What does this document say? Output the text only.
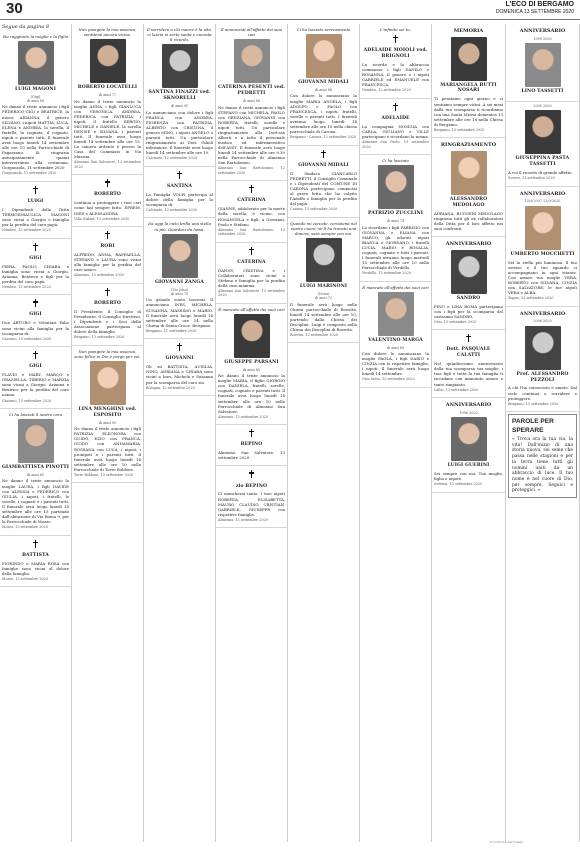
30	L'ECO DI BERGAMO
DOMENICA 13 SETTEMBRE 2020
Segue da pagina 8

Ha raggiunto la moglie e la figlia

LUIGI MAGONI
(Gigi)
di anni 89

Ne danno il triste annuncio i figli FEDERICO-GIGI e BEATRICE, la nuora ARIANNA, il genero SILVANO, i nipoti MATTIA, LUCA, ELENA e ANDREA, la sorella, il fratello, la cognata, il cognato, nipoti e parenti tutti. Il funerale avrà luogo lunedì 14 settembre alle ore 10 nella Parrocchiale di Pagazzano. Si ringrazia anticipatamente quanti interverranno alla cerimonia. Gorgonzola, 11 settembre 2020

Gorgonzola, 11 settembre 2020

LUIGI

I Dipendenti della Ditta TERMOIDRAULICA MAGONI sono vicini a Giorgio e famiglia per la perdita del caro papà.

Nembro, 13 settembre 2020

GIGI

PIERA, PAOLO, CHIARA e famiglia sono vicini a Giorgio, Arianna, Beatrice e figli per la perdita del caro papà.

Nembro, 13 settembre 2020

GIGI

Don ARTURO e Volontari Palio sono vicini alla famiglia per la scomparsa di.

Gavarno, 13 settembre 2020

GIGI

FLAVIO e MARY, MARCO e GRAZIELLA, TIBERIO e MARZIA sono vicini a Giorgio, Arianna e Beatrice per la perdita del caro nonno.

Gavarno, 13 settembre 2020

Ci ha lasciati il nostro caro

GIAMBATTISTA PINOTTI
di anni 65

Ne danno il triste annuncio la moglie LAURA, i figli DAVIDE con ALESSIA e FEDERICO con GIULIA, i nipoti, i fratelli, le sorelle, i cognati e i parenti tutti. Il funerale avrà luogo lunedì 14 settembre alle ore 15 partendo dall'abitazione di Via Roma 9, per la Parrocchiale di Mozzo.

Mozzo, 13 settembre 2020

BATTISTA

FIORINDO e MARIA ROSA con famiglie sono vicini al dolore della famiglia.

Mozzo, 13 settembre 2020

Non piangete la mia assenza, sentitemi ancora vicino.

ROBERTO LOCATELLI
di anni 77

Ne danno il triste annuncio la moglie ANNA, i figli GIANLUCA con VERONICA, ANDREA, FEDERICA con PATRIZIA, i nipoti, il fratello SERGIO, MICHELE e DANIELE, la sorella DENISE e SILVANA, i parenti tutti. Il funerale avrà luogo lunedì 14 settembre alle ore 15. La camera ardente è presso la Casa del Commiato in Via Mazzini.

Almenno San Salvatore, 12 settembre 2020

ROBERTO

continua a proteggere i tuoi cari come hai sempre fatto. EFREM, INES e ALESSANDRA.

Villa d'Almè, 13 settembre 2020

ROBI

ALFREDO, ANNA, RAFFAELLA, STEFANO e LAURA sono vicini alla famiglia per la perdita del caro amico.

Almenno, 13 settembre 2020

ROBERTO

Il Presidente, il Consiglio di Presidenza, il Consiglio Direttivo, i Dipendenti e i Soci della Associazione partecipano al dolore della famiglia.

Bergamo, 13 settembre 2020

Non piangete la mia assenza, sono felice in Dio e prego per voi.

LINA MENGHINI ved. ESPOSITO
di anni 90

Ne danno il triste annuncio i figli PATRIZIA, ELEONORA con GUIDO, EZIO con FRANCA, GUIDO con ANNAMARIA, ROSSANA con LUCA, i nipoti, i pronipoti e i parenti tutti. Il funerale avrà luogo lunedì 14 settembre alle ore 10 nella Parrocchiale di Torre Boldone.

Torre Boldone, 13 settembre 2020

Il sorridere a chi muore è la vita, ci lascia in sorte santa e onorata il ricordo.

SANTINA FINAZZI ved. SKNORELLI
di anni 91

La annunciano con dolore i figli FRANCA con ANDREA, FIORENZA con PATRIZIA, ALBERTO con CRISTINA, il genero MINO, i nipoti ANGELO e parenti tutti. Un particolare ringraziamento ai Dott. Gilioli infermiere. Il funerale avrà luogo lunedì 14 settembre alle ore 10.

Calcinate, 12 settembre 2020

SANTINA

La Famiglia VOLPI partecipa al dolore della famiglia per la scomparsa di.

Calcinate, 13 settembre 2020

Da oggi la cielo brilla una stella in più. Guardaci da lassù.

GIOVANNI ZANGA
(Zio John)
di anni 79

Un grande vuoto lascerai. Il annunciano INES, MICHELA, SUSANNA, MASSIMO e MARIO. Il funerale avrà luogo lunedì 14 settembre alle ore 14 nella Chiesa di Santa Croce. Bergamo.

Bergamo, 11 settembre 2020

GIOVANNI

Gli zii BATTISTA, AUSILIA, NINO, ADRIANA e CHIARA sono vicini a Ines, Michela e Susanna per la scomparsa del caro zio.

Bologna, 12 settembre 2020

Il annunciati all'affetto dei suoi cari

CATERINA PESENTI ved. PEDRETTI
di anni 86

Ne danno il triste annuncio i figli STEFANO con MICHELA, PAOLO con GENZIANA, GIOVANNI con ROBERTA, fratelli, sorelle e nipoti tutti. Un particolare ringraziamento alla Dott.ssa Alberti e a tutto il personale medico ed infermieristico dell'ASST. Il funerale avrà luogo lunedì 14 settembre alle ore 9.30 nella Parrocchiale di Almenno San Bartolomeo.

Almenno San Bartolomeo, 12 settembre 2020

CATERINA

GIANNE, addolorato per la morte della sorella, è vicino, con ROSANGELA e figli, a Giovanni, Paolo e Stefano.

Almenno San Bartolomeo, 13 settembre 2020

CATERINA

DANNY, CRISTINA e i Collaboratori sono vicini a Stefano e famiglia per la perdita della cara mamma.

Almenno San Salvatore, 13 settembre 2020

È mancato all'affetto dei suoi cari

GIUSEPPE PARSANI
di anni 85

Ne danno il triste annuncio la moglie MARIA, il figlio GIORGIO con DANIELA, fratelli, sorelle, cognati, cognate e parenti tutti. Il funerale avrà luogo lunedì 14 settembre alle ore 10 nella Parrocchiale di Almenno San Salvatore.

Almenno, 13 settembre 2020

BEPINO

Almenno San Salvatore, 13 settembre 2020

zio BEPINO

Ci mancherai tanto. I tuoi nipoti ROBERTA, ELISABETTA, MAURO, CLAUDIO, CRISTIAN, GABRIELE, GIUSEPPE con rispettive famiglie.

Almenno, 13 settembre 2020

Ci ha lasciato serenamente

GIOVANNI MIDALI
di anni 88

Con dolore lo annunciano la moglie MARIA ANGELA, i figli ADOLFO e PAOLO con FRANCESCA, i nipoti, fratelli, sorelle e parenti tutti. I funerali avranno luogo lunedì 14 settembre alle ore 10 nella chiesa parrocchiale di Carona.

Bergamo - Carona, 12 settembre 2020

GIOVANNI MIDALI

Il Sindaco GIANCARLO PEDRETTI, il Consiglio Comunale e i Dipendenti del COMUNE DI CARONA partecipano commossi al grave lutto che ha colpito l'Adolfo e famiglia per la perdita del papà.

Carona, 13 settembre 2020

Quando mi cercate, cercatemi nel vostro cuore; se lì ho trovato una dimora, sarò sempre con voi.

LUIGI MARINONI
(Dossi)
di anni 72

Il funerale avrà luogo nella Chiesa parrocchiale di Rovetta, lunedì 14 settembre alle ore 10, partendo dalla Chiesa dei Disciplini. Luigi è composto nella Chiesa dei Disciplini di Rovetta.

Rovetta, 12 settembre 2020

L'infinito sei tu.

ADELAIDE MOIOLI ved. BRIGNOLI

La ricorda e la abbraccia commossa i figli DANILO e ROSANNA, il genero e i nipoti GABRIELE ed EMANUELE con FRANCESCA.

Nembro, 12 settembre 2020

ADELAIDE

La compagnia NOSIGIA con CARLA, GIULIANO e VILLE partecipano e ricordano la nonna.

Almenno San Paolo, 13 settembre 2020

Ci ha lasciato

PATRIZIO ZUCCLINI
di anni 74

Lo ricordano i figli FABRIZIO con GIOVANNA e ELIANA con MARCO, gli adorati nipoti BIANCA e GIORDANO, i fratelli LUCIA, MARIO e ROSALIA, cognati, cognate e tutti i parenti. I funerali avranno luogo martedì 15 settembre alle ore 10 nella Parrocchiale di Verdello.

Verdello, 12 settembre 2020

È mancato all'affetto dei suoi cari

VALENTINO MARGA
di anni 89

Con dolore lo annunciano la moglie PAOLA, i figli DARIO e CINZIA con le rispettive famiglie, i nipoti. Il funerale avrà luogo lunedì 14 settembre.

Osio Sotto, 12 settembre 2020

MEMORIA
MARIANGELA BUTTI NOSARI

Ti pensiamo ogni giorno e ci sentiamo sempre vicini. A sei mesi dalla tua scomparsa ti ricordiamo con una Santa Messa domenica 13 settembre alle ore 18 nella Chiesa di Bergamo.

Bergamo, 13 settembre 2020

RINGRAZIAMENTO
ALESSANDRO MEDOLAGO

ADRIANA, RUGGERI MEDOLAGO ringrazia tutti gli ex collaboratori della Ditta per il loro affetto nei suoi confronti.

ANNIVERSARIO
SANDRO

FINO e LINA ROMA partecipano con i figli per la scomparsa del carissimo SANDRO.

Osio, 13 settembre 2020

Dott. PASQUALE CALATTI

Nel quindicesimo anniversario della tua scomparsa tua moglie, i tuoi figli e tutta la tua famiglia ti ricordano con immutato amore e tanto rimpianto.

Lallio, 13 settembre 2020

ANNIVERSARIO
1996 2020
LUIGI GUERINI

Sei sempre con noi. Tua moglie, figlio e nipote.

Sedrina, 13 settembre 2020

ANNIVERSARIO
1999 2020
LINO TASSETTI
2005 2020
GIUSEPPINA PASTA TASSETTI

A voi il ricordo di grande affetto.

Sovere, 13 settembre 2020

ANNIVERSARIO
13/9/2007 13/9/2020
UMBERTO MOCCHETTI

Sei la stella più luminosa. Il tuo sorriso e il tuo sguardo ci accompagnano in ogni istante. Con amore tua moglie VERA, ROBERTO con SILVANA, CINZIA con SALVATORE, le tue nipoti VERA e ALBA.

Zogno, 13 settembre 2020

ANNIVERSARIO
2006 2020
Prof. ALESSANDRO PEZZOLI

A chi l'ha conosciuto e amato. Dal cielo continua a sorridere e proteggere.

Bergamo, 13 settembre 2020

PAROLE PER SPERARE

« Trova ora la tua via, la vita! Dall'inizio di una storia nuova, sei seme che passa nelle stagioni e per la terra tiene tutti gli uomini uniti da un abbraccio di luce. Il tuo nome è nel cuore di Dio, per sempre. Seguici e proteggici. »

Il Conforto del Fedele
